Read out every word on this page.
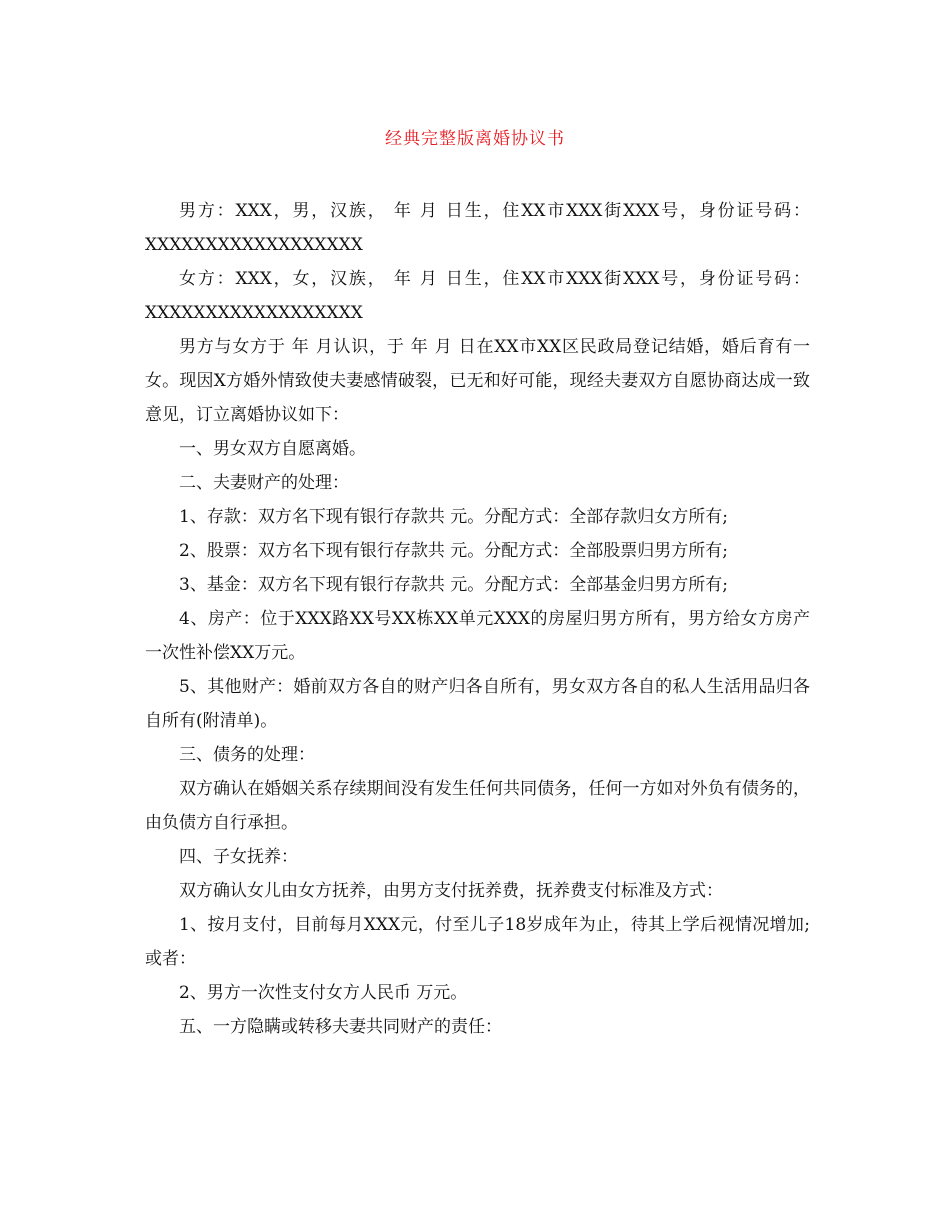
经典完整版离婚协议书

男方：XXX，男，汉族， 年 月 日生，住XX市XXX街XXX号，身份证号码：XXXXXXXXXXXXXXXXXX

女方：XXX，女，汉族， 年 月 日生，住XX市XXX街XXX号，身份证号码：XXXXXXXXXXXXXXXXXX

男方与女方于 年 月认识，于 年 月 日在XX市XX区民政局登记结婚，婚后育有一女。现因X方婚外情致使夫妻感情破裂，已无和好可能，现经夫妻双方自愿协商达成一致意见，订立离婚协议如下：

一、男女双方自愿离婚。

二、夫妻财产的处理：

1、存款：双方名下现有银行存款共 元。分配方式：全部存款归女方所有;

2、股票：双方名下现有银行存款共 元。分配方式：全部股票归男方所有;

3、基金：双方名下现有银行存款共 元。分配方式：全部基金归男方所有;

4、房产：位于XXX路XX号XX栋XX单元XXX的房屋归男方所有，男方给女方房产一次性补偿XX万元。

5、其他财产：婚前双方各自的财产归各自所有，男女双方各自的私人生活用品归各自所有(附清单)。

三、债务的处理：

双方确认在婚姻关系存续期间没有发生任何共同债务，任何一方如对外负有债务的，由负债方自行承担。

四、子女抚养：

双方确认女儿由女方抚养，由男方支付抚养费，抚养费支付标准及方式：

1、按月支付，目前每月XXX元，付至儿子18岁成年为止，待其上学后视情况增加;或者：

2、男方一次性支付女方人民币 万元。

五、一方隐瞒或转移夫妻共同财产的责任：
